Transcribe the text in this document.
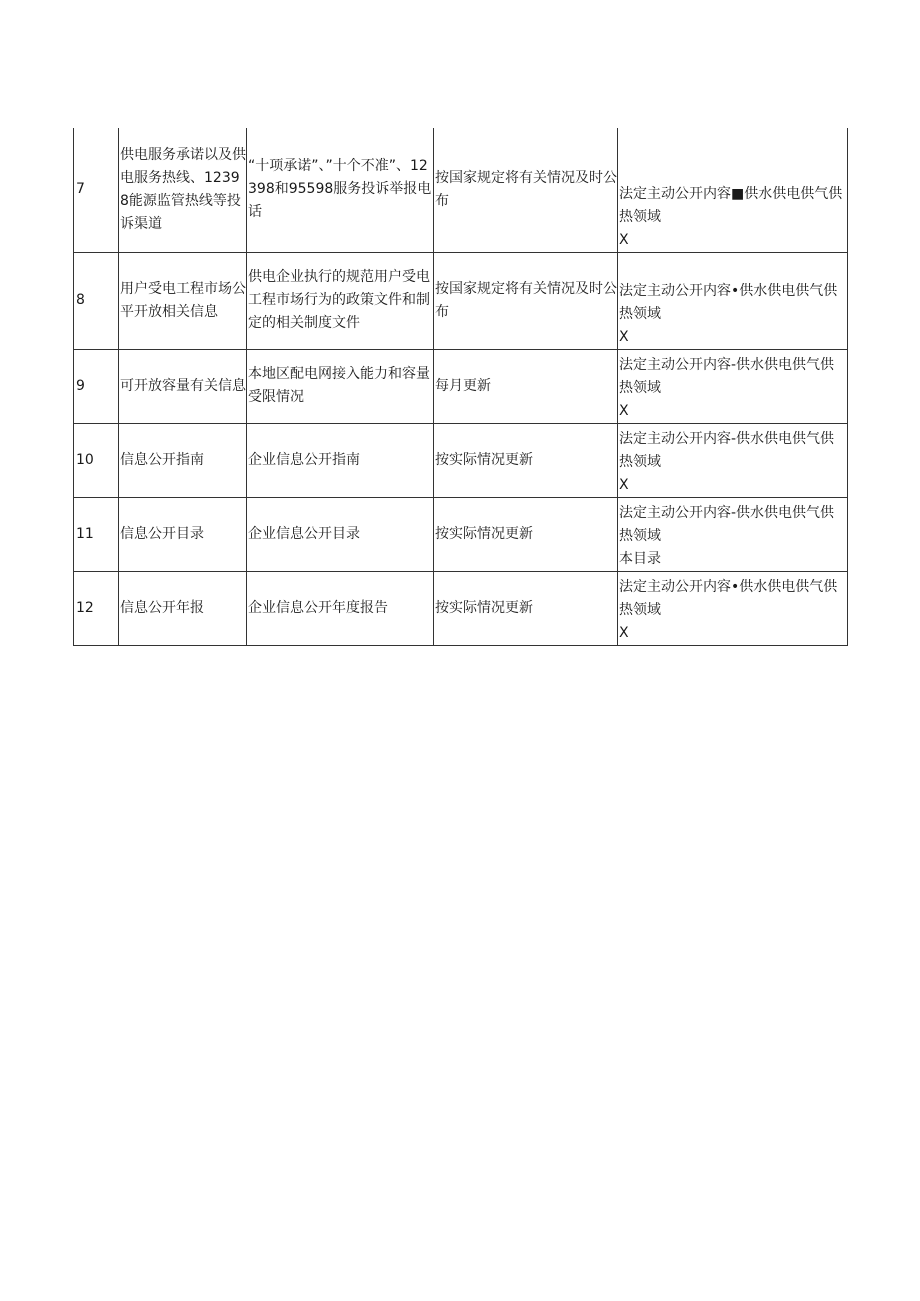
7	供电服务承诺以及供电服务热线、12398能源监管热线等投诉渠道	“十项承诺”、”十个不准”、12398和95598服务投诉举报电话	按国家规定将有关情况及时公布	法定主动公开内容■供水供电供气供热领域
X

8	用户受电工程市场公平开放相关信息	供电企业执行的规范用户受电工程市场行为的政策文件和制定的相关制度文件	按国家规定将有关情况及时公布	法定主动公开内容•供水供电供气供热领域
X

9	可开放容量有关信息	本地区配电网接入能力和容量受限情况	每月更新	法定主动公开内容-供水供电供气供热领域
X

10	信息公开指南	企业信息公开指南	按实际情况更新	法定主动公开内容-供水供电供气供热领域
X

11	信息公开目录	企业信息公开目录	按实际情况更新	法定主动公开内容-供水供电供气供热领域
本目录

12	信息公开年报	企业信息公开年度报告	按实际情况更新	法定主动公开内容•供水供电供气供热领域
X
